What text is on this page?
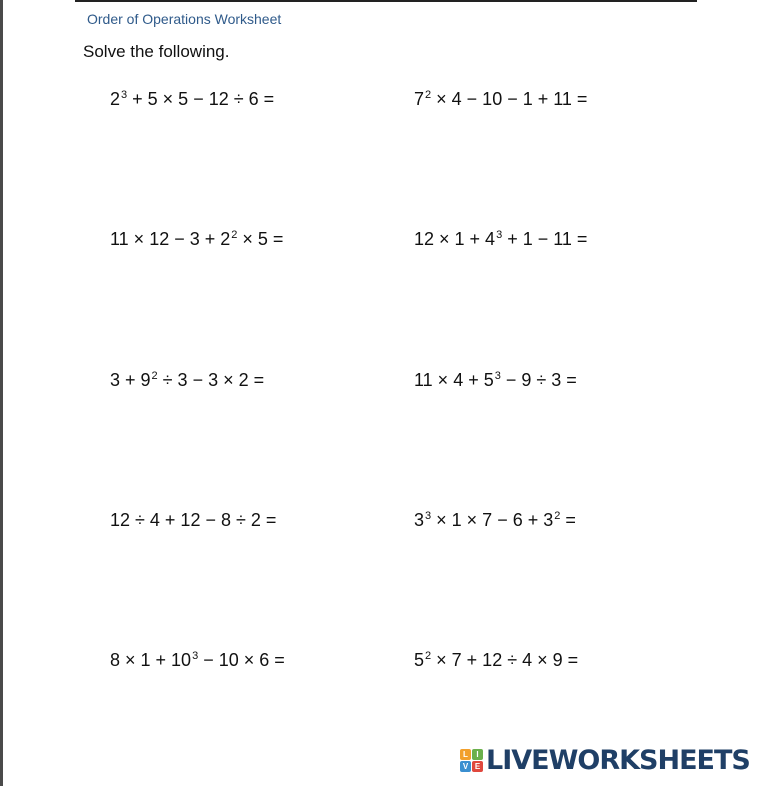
Order of Operations Worksheet
Solve the following.
$2^3 + 5 \times 5 - 12 \div 6$ =	$7^2 \times 4 - 10 - 1 + 11$ =
$11 \times 12 - 3 + 2^2 \times 5$ =	$12 \times 1 + 4^3 + 1 - 11$ =
$3 + 9^2 \div 3 - 3 \times 2$ =	$11 \times 4 + 5^3 - 9 \div 3$ =
12 ÷ 4 + 12 − 8 ÷ 2 =	$3^3 \times 1 \times 7 - 6 + 3^2$ =
$8 \times 1 + 10^3 - 10 \times 6$ =	$5^2 \times 7 + 12 \div 4 \times 9$ =
L	I
V E LIVEWORKSHEETS
